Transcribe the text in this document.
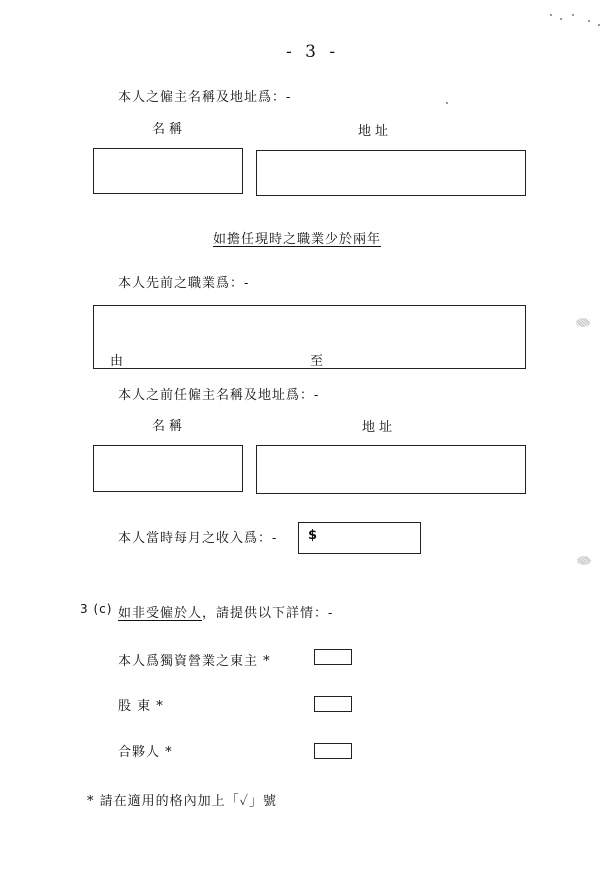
- 3 -
本人之僱主名稱及地址爲：-
名稱	地址
如擔任現時之職業少於兩年
本人先前之職業爲：-
由	至
本人之前任僱主名稱及地址爲：-
名稱	地址
本人當時每月之收入爲：- $
3 (c) 如非受僱於人，請提供以下詳情：-
本人爲獨資營業之東主 *
股 東 *
合夥人 *
* 請在適用的格內加上「✓」號
